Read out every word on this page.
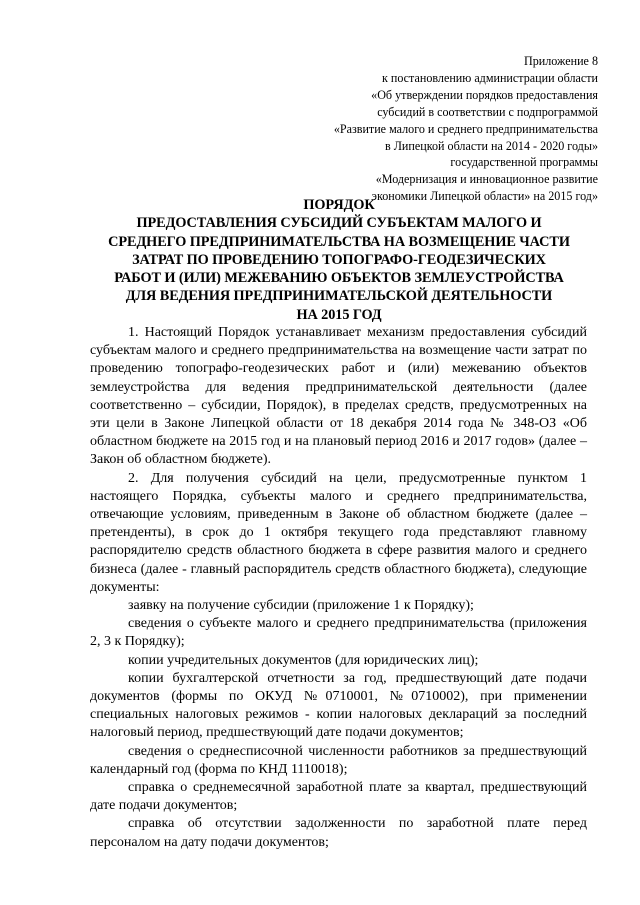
Приложение 8
к постановлению администрации области
«Об утверждении порядков предоставления
субсидий в соответствии с подпрограммой
«Развитие малого и среднего предпринимательства
в Липецкой области на 2014 - 2020 годы»
государственной программы
«Модернизация и инновационное развитие
экономики Липецкой области» на 2015 год»
ПОРЯДОК
ПРЕДОСТАВЛЕНИЯ СУБСИДИЙ СУБЪЕКТАМ МАЛОГО И
СРЕДНЕГО ПРЕДПРИНИМАТЕЛЬСТВА НА ВОЗМЕЩЕНИЕ ЧАСТИ
ЗАТРАТ ПО ПРОВЕДЕНИЮ ТОПОГРАФО-ГЕОДЕЗИЧЕСКИХ
РАБОТ И (ИЛИ) МЕЖЕВАНИЮ ОБЪЕКТОВ ЗЕМЛЕУСТРОЙСТВА
ДЛЯ ВЕДЕНИЯ ПРЕДПРИНИМАТЕЛЬСКОЙ ДЕЯТЕЛЬНОСТИ
НА 2015 ГОД

1. Настоящий Порядок устанавливает механизм предоставления субсидий субъектам малого и среднего предпринимательства на возмещение части затрат по проведению топографо-геодезических работ и (или) межеванию объектов землеустройства для ведения предпринимательской деятельности (далее соответственно – субсидии, Порядок), в пределах средств, предусмотренных на эти цели в Законе Липецкой области от 18 декабря 2014 года № 348-ОЗ «Об областном бюджете на 2015 год и на плановый период 2016 и 2017 годов» (далее – Закон об областном бюджете).

2. Для получения субсидий на цели, предусмотренные пунктом 1 настоящего Порядка, субъекты малого и среднего предпринимательства, отвечающие условиям, приведенным в Законе об областном бюджете (далее – претенденты), в срок до 1 октября текущего года представляют главному распорядителю средств областного бюджета в сфере развития малого и среднего бизнеса (далее - главный распорядитель средств областного бюджета), следующие документы:

заявку на получение субсидии (приложение 1 к Порядку);

сведения о субъекте малого и среднего предпринимательства (приложения 2, 3 к Порядку);

копии учредительных документов (для юридических лиц);

копии бухгалтерской отчетности за год, предшествующий дате подачи документов (формы по ОКУД №0710001, №0710002), при применении специальных налоговых режимов - копии налоговых деклараций за последний налоговый период, предшествующий дате подачи документов;

сведения о среднесписочной численности работников за предшествующий календарный год (форма по КНД 1110018);

справка о среднемесячной заработной плате за квартал, предшествующий дате подачи документов;

справка об отсутствии задолженности по заработной плате перед персоналом на дату подачи документов;
